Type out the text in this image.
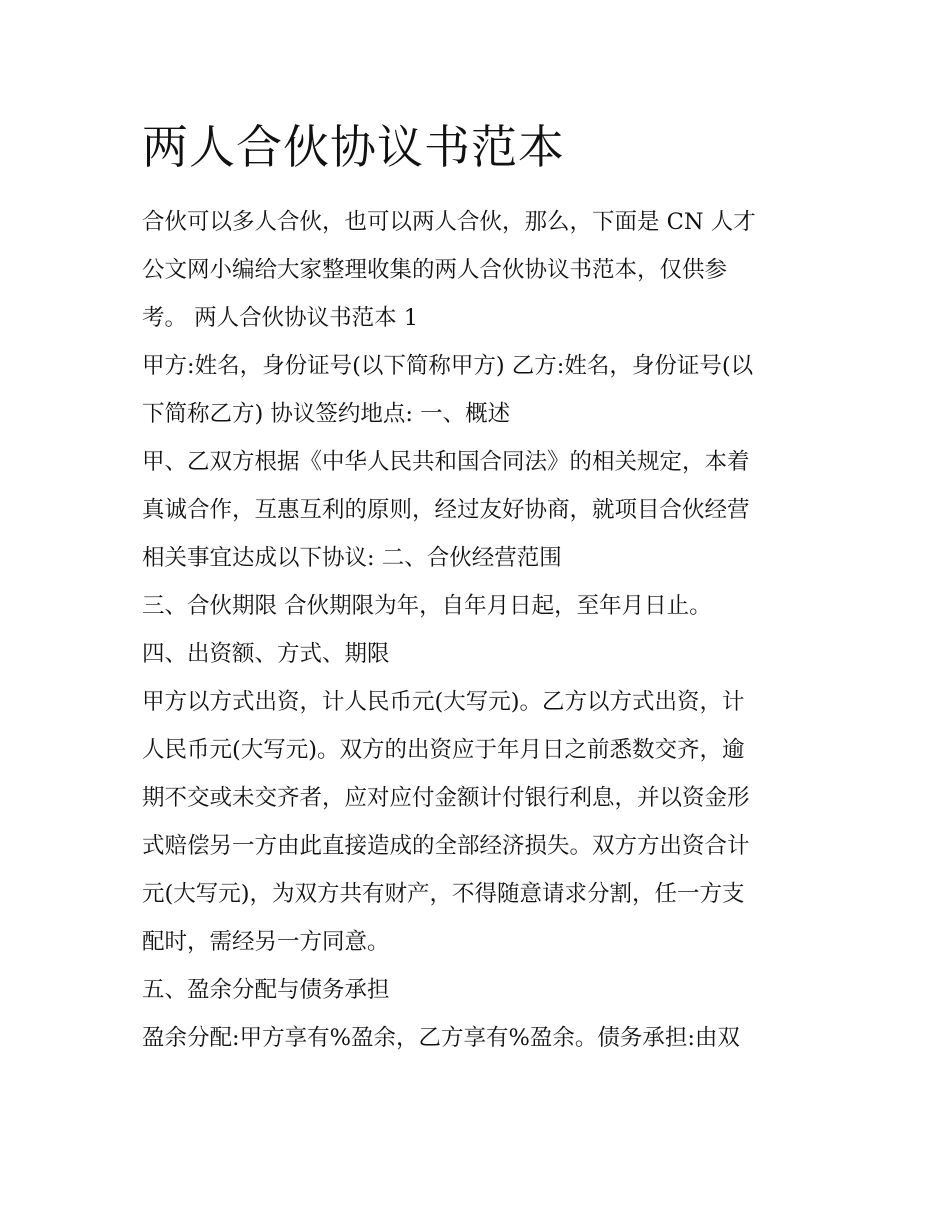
两人合伙协议书范本

合伙可以多人合伙，也可以两人合伙，那么，下面是 CN 人才
公文网小编给大家整理收集的两人合伙协议书范本，仅供参
考。 两人合伙协议书范本 1

甲方:姓名，身份证号(以下简称甲方) 乙方:姓名，身份证号(以
下简称乙方) 协议签约地点: 一、概述

甲、乙双方根据《中华人民共和国合同法》的相关规定，本着
真诚合作，互惠互利的原则，经过友好协商，就项目合伙经营
相关事宜达成以下协议: 二、合伙经营范围

三、合伙期限 合伙期限为年，自年月日起，至年月日止。

四、出资额、方式、期限

甲方以方式出资，计人民币元(大写元)。乙方以方式出资，计
人民币元(大写元)。双方的出资应于年月日之前悉数交齐，逾
期不交或未交齐者，应对应付金额计付银行利息，并以资金形
式赔偿另一方由此直接造成的全部经济损失。双方方出资合计
元(大写元)，为双方共有财产，不得随意请求分割，任一方支
配时，需经另一方同意。

五、盈余分配与债务承担

盈余分配:甲方享有%盈余，乙方享有%盈余。债务承担:由双
